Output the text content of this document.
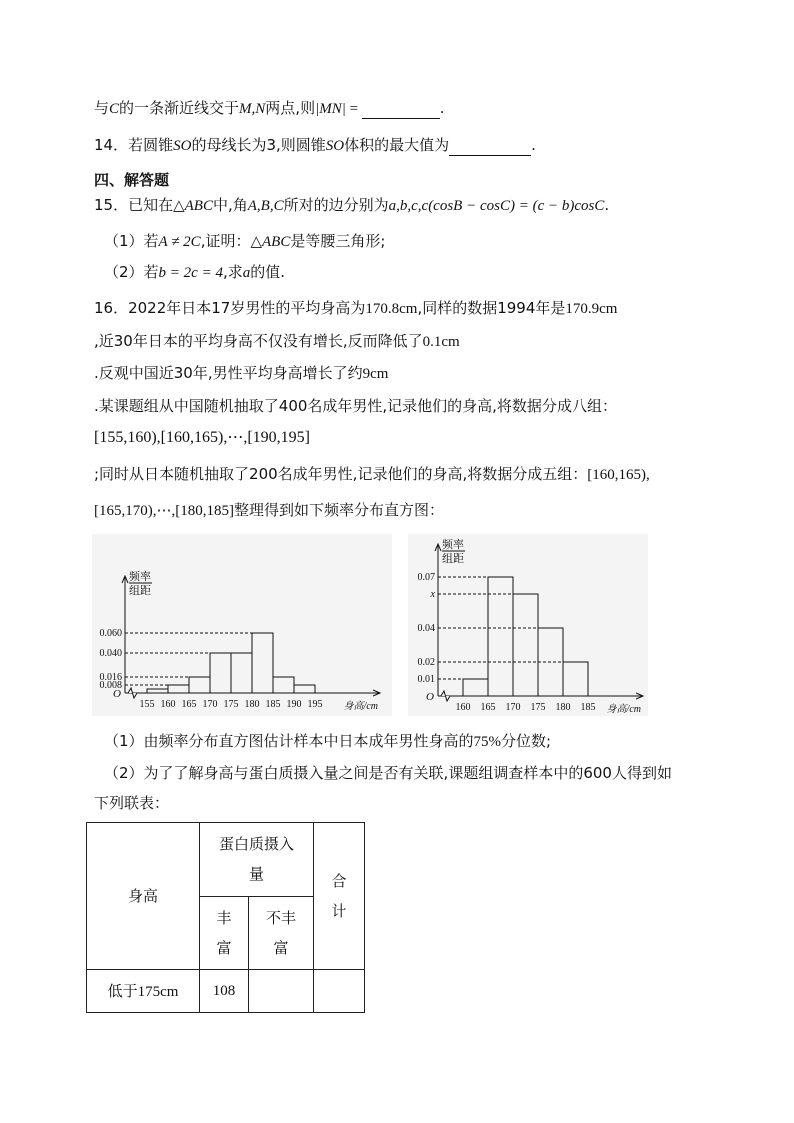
与C的一条渐近线交于M,N两点,则|MN| =	.
14．若圆锥SO的母线长为3,则圆锥SO体积的最大值为	.
四、解答题
15．已知在△ABC中,角A,B,C所对的边分别为a,b,c,c(cosB − cosC) = (c − b)cosC.
（1）若A ≠ 2C,证明：△ABC是等腰三角形;
（2）若b = 2c = 4,求a的值.
16．2022年日本17岁男性的平均身高为170.8cm,同样的数据1994年是170.9cm
,近30年日本的平均身高不仅没有增长,反而降低了0.1cm
.反观中国近30年,男性平均身高增长了约9cm
.某课题组从中国随机抽取了400名成年男性,记录他们的身高,将数据分成八组：
[155,160),[160,165),⋯,[190,195]
;同时从日本随机抽取了200名成年男性,记录他们的身高,将数据分成五组：[160,165),
[165,170),⋯,[180,185]整理得到如下频率分布直方图：
O
频率
组距
155 160 165 170 175 180 185 190 195 身高/cm
0.060
0.040
0.016
0.008
O
频率
组距
160 165 170 175 180 185 身高/cm
0.07
x
0.04
0.02
0.01
（1）由频率分布直方图估计样本中日本成年男性身高的75%分位数;
（2）为了了解身高与蛋白质摄入量之间是否有关联,课题组调查样本中的600人得到如
下列联表：
身高	蛋白质摄入量		合计

	丰富	不丰富	

低于175cm	108		
